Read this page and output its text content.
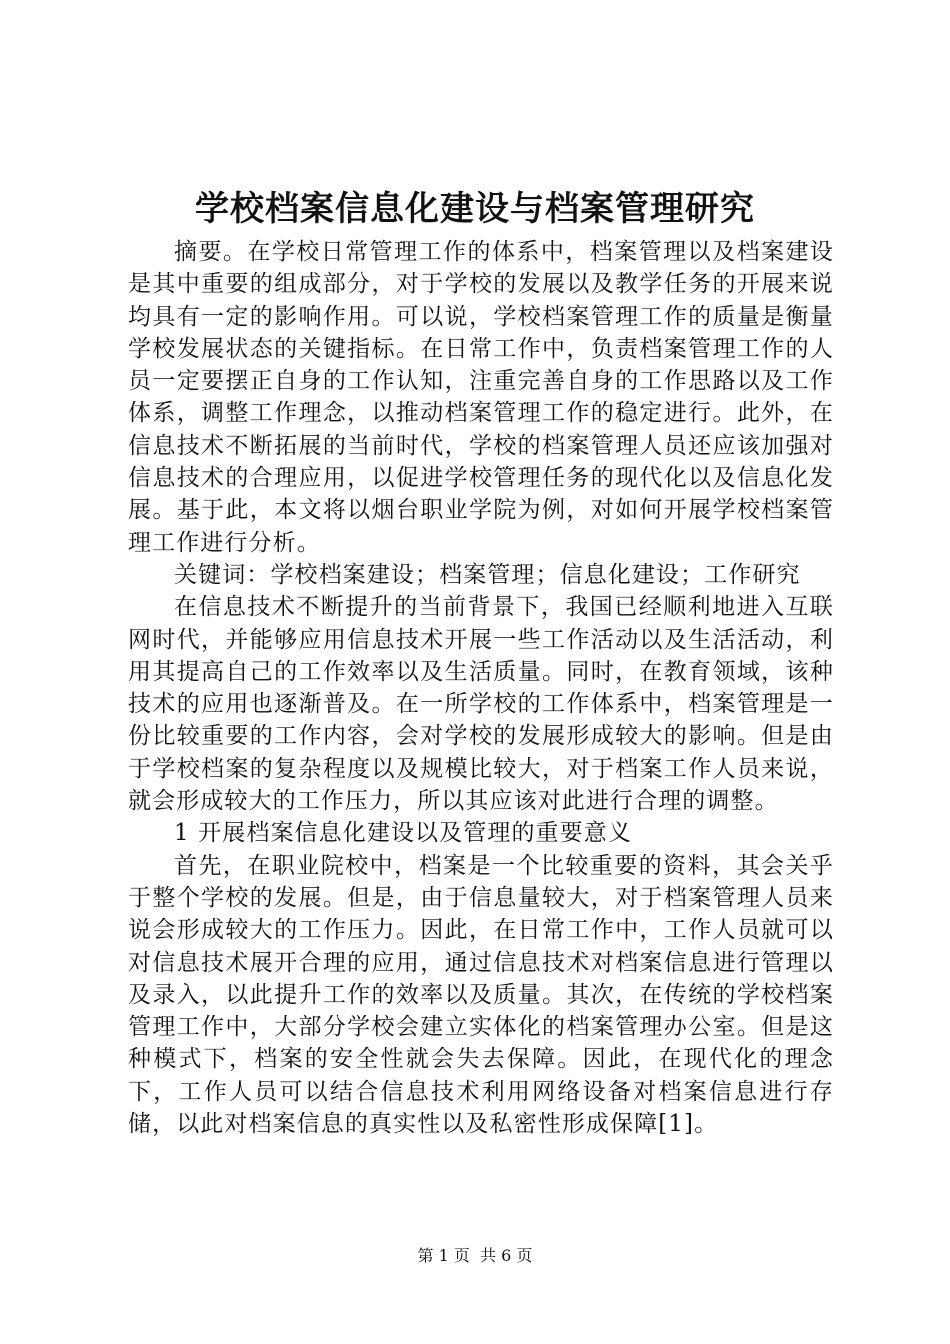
学校档案信息化建设与档案管理研究

摘要。在学校日常管理工作的体系中，档案管理以及档案建设是其中重要的组成部分，对于学校的发展以及教学任务的开展来说均具有一定的影响作用。可以说，学校档案管理工作的质量是衡量学校发展状态的关键指标。在日常工作中，负责档案管理工作的人员一定要摆正自身的工作认知，注重完善自身的工作思路以及工作体系，调整工作理念，以推动档案管理工作的稳定进行。此外，在信息技术不断拓展的当前时代，学校的档案管理人员还应该加强对信息技术的合理应用，以促进学校管理任务的现代化以及信息化发展。基于此，本文将以烟台职业学院为例，对如何开展学校档案管理工作进行分析。

关键词：学校档案建设；档案管理；信息化建设；工作研究

在信息技术不断提升的当前背景下，我国已经顺利地进入互联网时代，并能够应用信息技术开展一些工作活动以及生活活动，利用其提高自己的工作效率以及生活质量。同时，在教育领域，该种技术的应用也逐渐普及。在一所学校的工作体系中，档案管理是一份比较重要的工作内容，会对学校的发展形成较大的影响。但是由于学校档案的复杂程度以及规模比较大，对于档案工作人员来说，就会形成较大的工作压力，所以其应该对此进行合理的调整。

1 开展档案信息化建设以及管理的重要意义

首先，在职业院校中，档案是一个比较重要的资料，其会关乎于整个学校的发展。但是，由于信息量较大，对于档案管理人员来说会形成较大的工作压力。因此，在日常工作中，工作人员就可以对信息技术展开合理的应用，通过信息技术对档案信息进行管理以及录入，以此提升工作的效率以及质量。其次，在传统的学校档案管理工作中，大部分学校会建立实体化的档案管理办公室。但是这种模式下，档案的安全性就会失去保障。因此，在现代化的理念下，工作人员可以结合信息技术利用网络设备对档案信息进行存储，以此对档案信息的真实性以及私密性形成保障[1]。

第 1 页  共 6 页
